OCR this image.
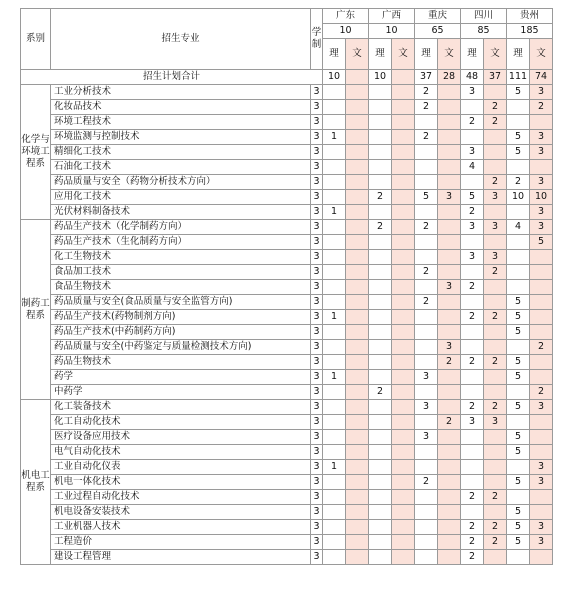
系别	招生专业	学制	广东		广西		重庆		四川		贵州	
			10		10		65		85		185	
			理	文	理	文	理	文	理	文	理	文
招生计划合计			10		10		37	28	48	37	111	74
化学与环境工程系	工业分析技术	3					2		3		5	3
	化妆品技术	3					2			2		2
	环境工程技术	3							2	2		
	环境监测与控制技术	3	1				2				5	3
	精细化工技术	3							3		5	3
	石油化工技术	3							4			
	药品质量与安全（药物分析技术方向）	3								2	2	3
	应用化工技术	3			2		5	3	5	3	10	10
	光伏材料制备技术	3	1						2			3
制药工程系	药品生产技术（化学制药方向）	3			2		2		3	3	4	3
	药品生产技术（生化制药方向）	3										5
	化工生物技术	3							3	3		
	食品加工技术	3					2			2		
	食品生物技术	3						3	2			
	药品质量与安全(食品质量与安全监管方向)	3					2				5	
	药品生产技术(药物制剂方向)	3	1						2	2	5	
	药品生产技术(中药制药方向)	3									5	
	药品质量与安全(中药鉴定与质量检测技术方向)	3						3				2
	药品生物技术	3						2	2	2	5	
	药学	3	1				3				5	
	中药学	3			2							2
机电工程系	化工装备技术	3					3		2	2	5	3
	化工自动化技术	3						2	3	3		
	医疗设备应用技术	3					3				5	
	电气自动化技术	3									5	
	工业自动化仪表	3	1									3
	机电一体化技术	3					2				5	3
	工业过程自动化技术	3							2	2		
	机电设备安装技术	3									5	
	工业机器人技术	3							2	2	5	3
	工程造价	3							2	2	5	3
	建设工程管理	3							2			
